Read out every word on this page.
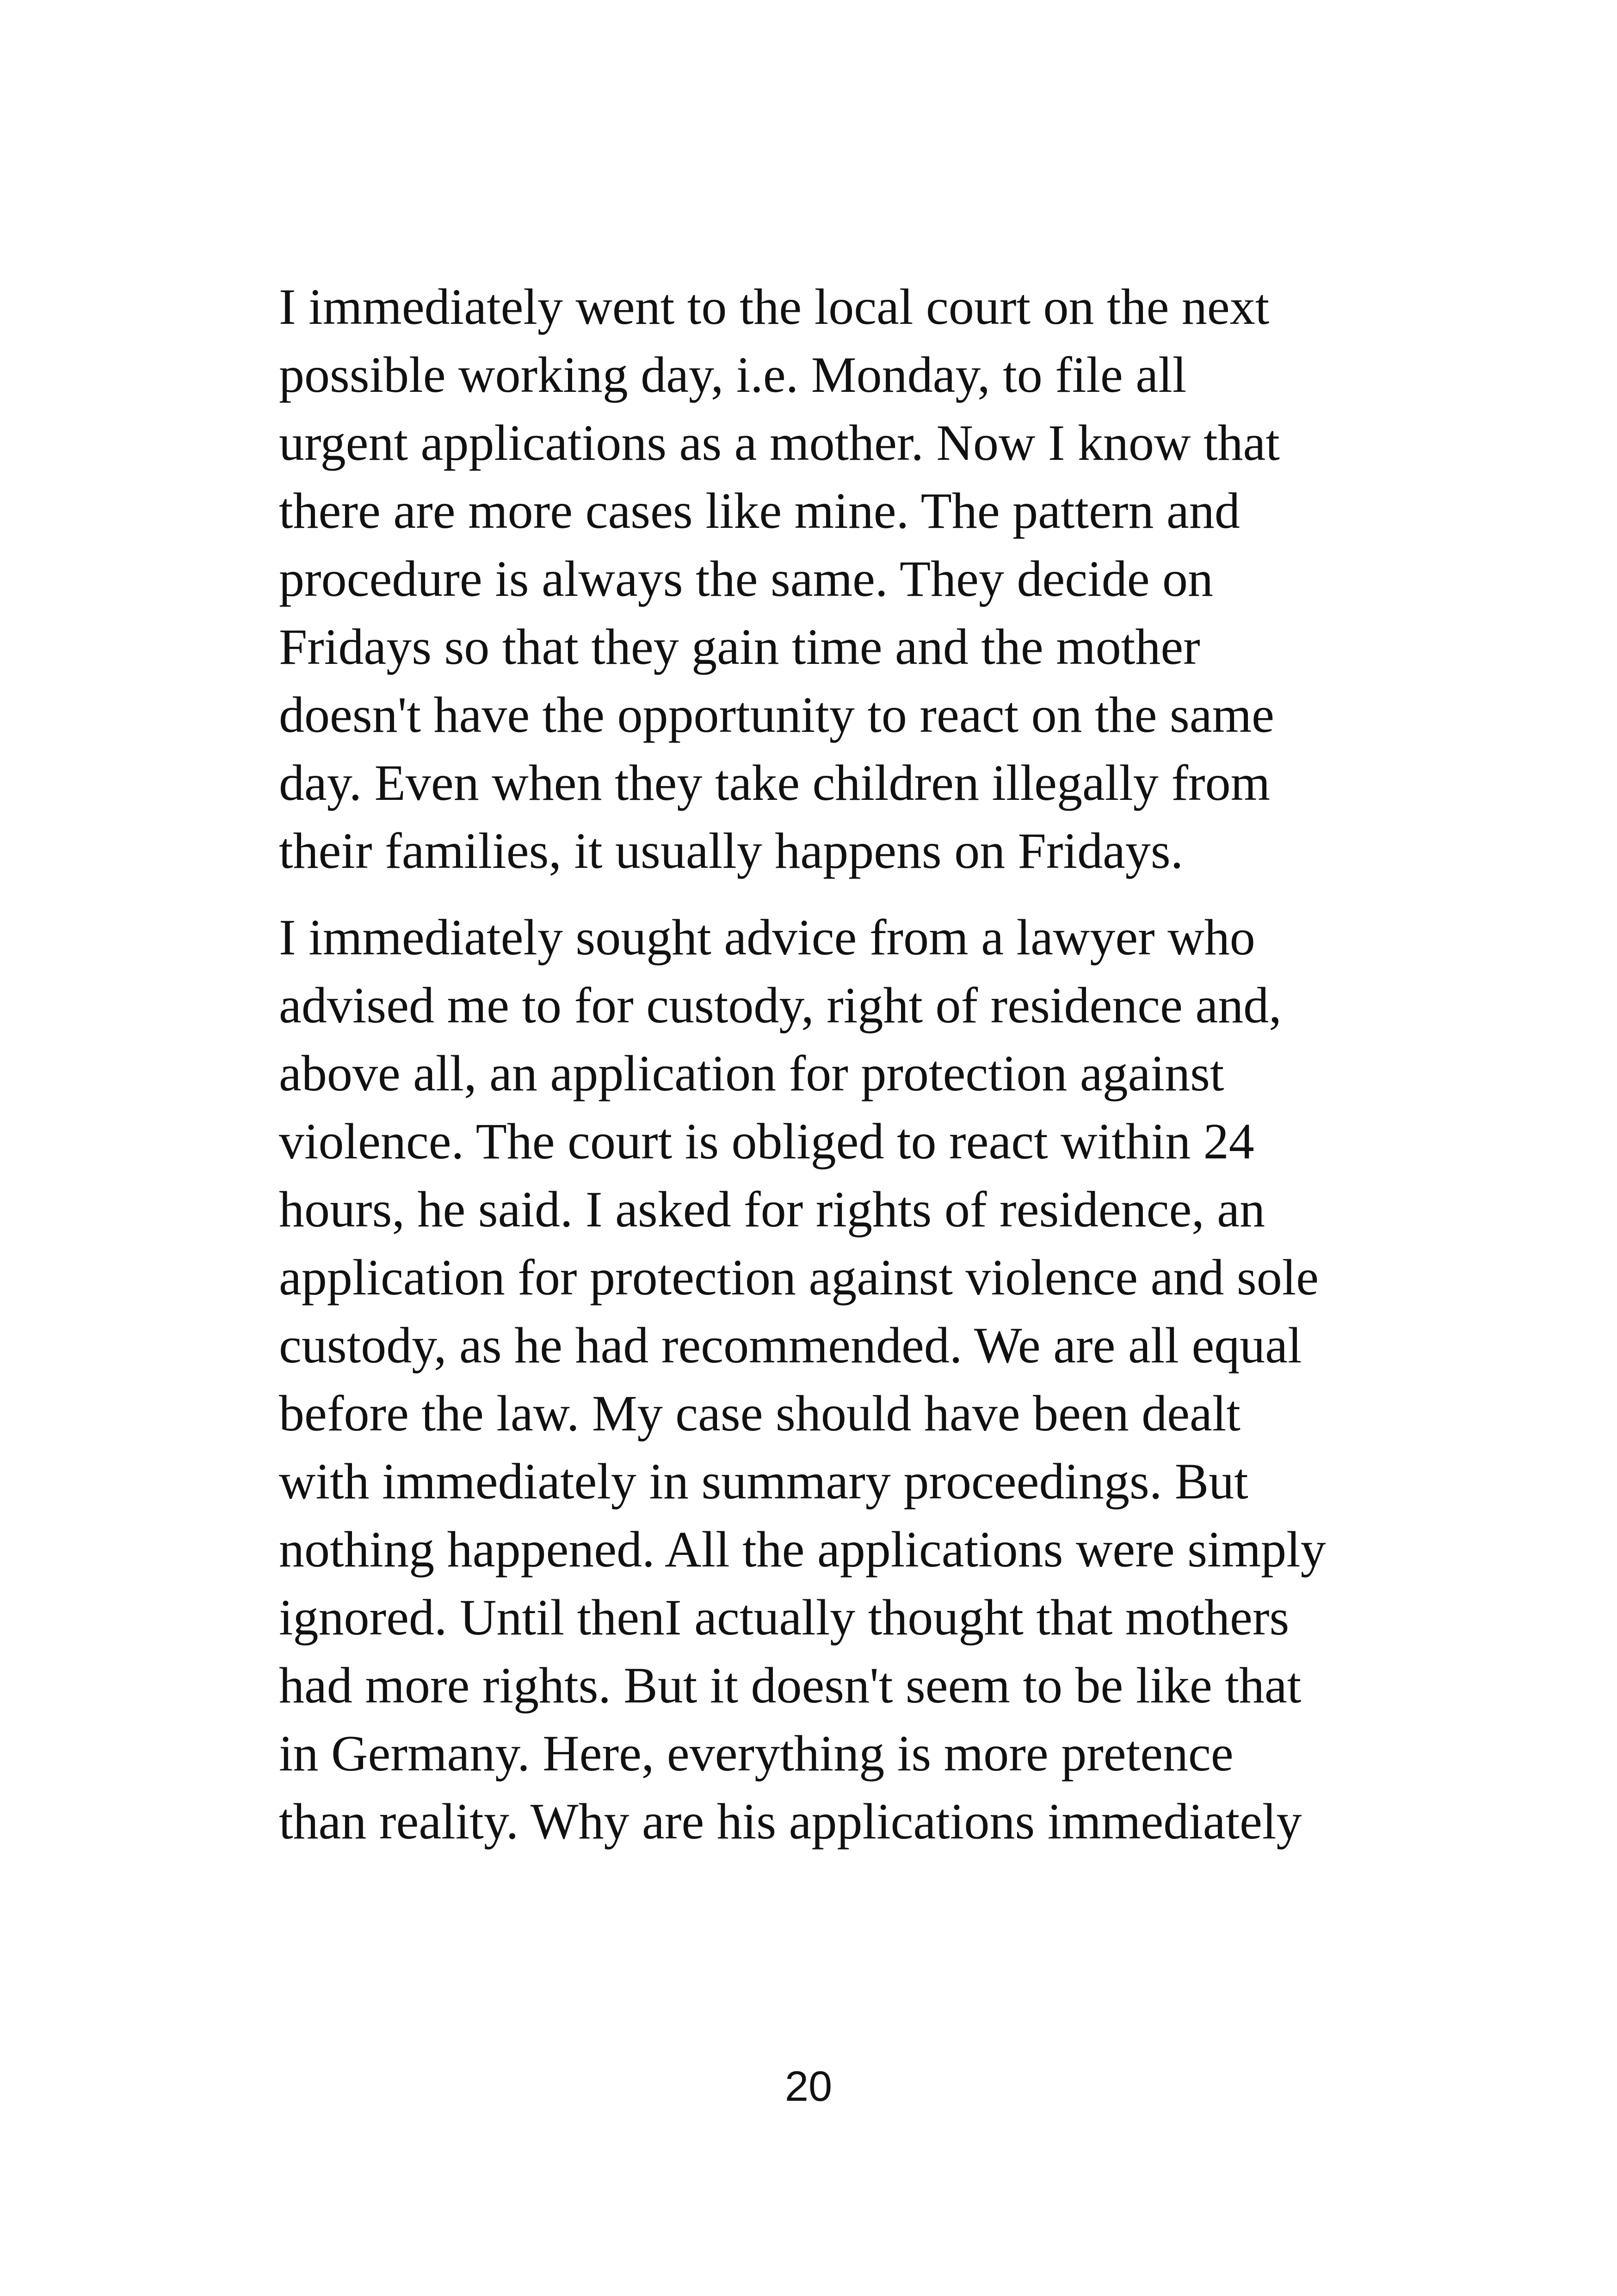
I immediately went to the local court on the next
possible working day, i.e. Monday, to file all
urgent applications as a mother. Now I know that
there are more cases like mine. The pattern and
procedure is always the same. They decide on
Fridays so that they gain time and the mother
doesn't have the opportunity to react on the same
day. Even when they take children illegally from
their families, it usually happens on Fridays.

I immediately sought advice from a lawyer who
advised me to for custody, right of residence and,
above all, an application for protection against
violence. The court is obliged to react within 24
hours, he said. I asked for rights of residence, an
application for protection against violence and sole
custody, as he had recommended. We are all equal
before the law. My case should have been dealt
with immediately in summary proceedings. But
nothing happened. All the applications were simply
ignored. Until thenI actually thought that mothers
had more rights. But it doesn't seem to be like that
in Germany. Here, everything is more pretence
than reality. Why are his applications immediately

20
